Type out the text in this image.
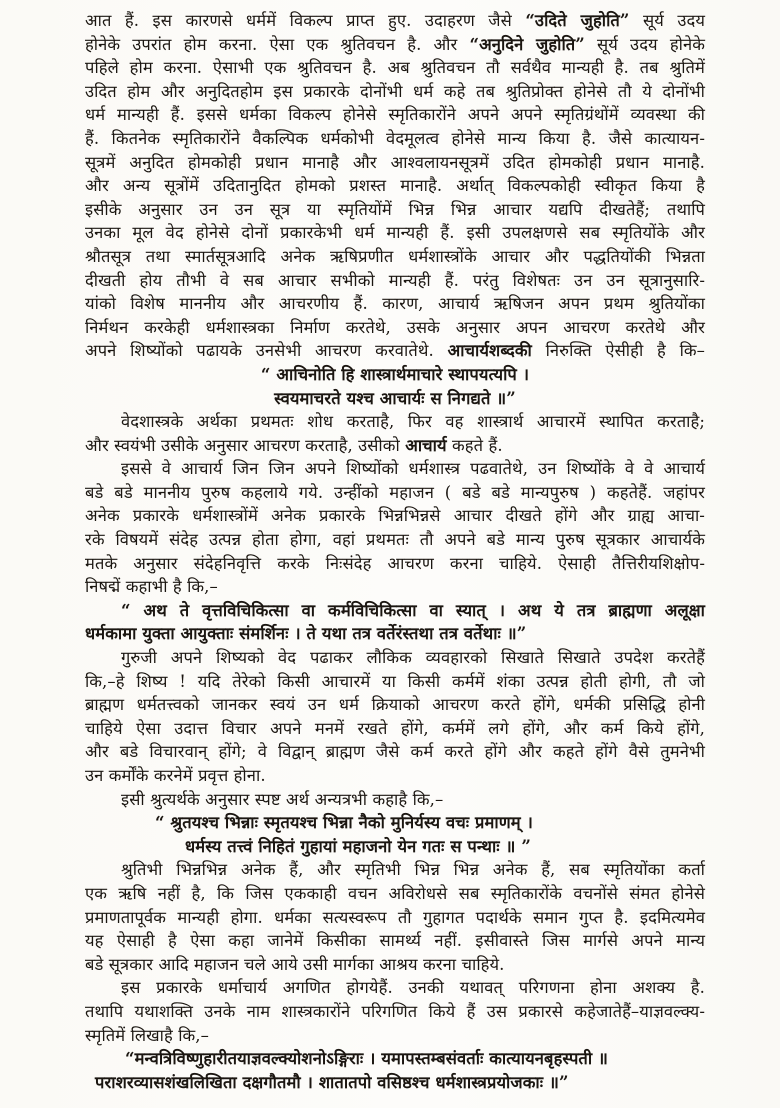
आत हैं. इस कारणसे धर्ममें विकल्प प्राप्त हुए. उदाहरण जैसे “उदिते जुहोति” सूर्य उदय
होनेके उपरांत होम करना. ऐसा एक श्रुतिवचन है. और “अनुदिने जुहोति” सूर्य उदय होनेके
पहिले होम करना. ऐसाभी एक श्रुतिवचन है. अब श्रुतिवचन तौ सर्वथैव मान्यही है. तब श्रुतिमें
उदित होम और अनुदितहोम इस प्रकारके दोनोंभी धर्म कहे तब श्रुतिप्रोक्त होनेसे तौ ये दोनोंभी
धर्म मान्यही हैं. इससे धर्मका विकल्प होनेसे स्मृतिकारोंने अपने अपने स्मृतिग्रंथोंमें व्यवस्था की
हैं. कितनेक स्मृतिकारोंने वैकल्पिक धर्मकोभी वेदमूलत्व होनेसे मान्य किया है. जैसे कात्यायन-
सूत्रमें अनुदित होमकोही प्रधान मानाहै और आश्वलायनसूत्रमें उदित होमकोही प्रधान मानाहै.
और अन्य सूत्रोंमें उदितानुदित होमको प्रशस्त मानाहै. अर्थात् विकल्पकोही स्वीकृत किया है
इसीके अनुसार उन उन सूत्र या स्मृतियोंमें भिन्न भिन्न आचार यद्यपि दीखतेहैं; तथापि
उनका मूल वेद होनेसे दोनों प्रकारकेभी धर्म मान्यही हैं. इसी उपलक्षणसे सब स्मृतियोंके और
श्रौतसूत्र तथा स्मार्तसूत्रआदि अनेक ऋषिप्रणीत धर्मशास्त्रोंके आचार और पद्धतियोंकी भिन्नता
दीखती होय तौभी वे सब आचार सभीको मान्यही हैं. परंतु विशेषतः उन उन सूत्रानुसारि-
यांको विशेष माननीय और आचरणीय हैं. कारण, आचार्य ऋषिजन अपन प्रथम श्रुतियोंका
निर्मथन करकेही धर्मशास्त्रका निर्माण करतेथे, उसके अनुसार अपन आचरण करतेथे और
अपने शिष्योंको पढायके उनसेभी आचरण करवातेथे. आचार्यशब्दकी निरुक्ति ऐसीही है कि–
“ आचिनोति हि शास्त्रार्थमाचारे स्थापयत्यपि ।
स्वयमाचरते यश्च आचार्यः स निगद्यते ॥”
वेदशास्त्रके अर्थका प्रथमतः शोध करताहै, फिर वह शास्त्रार्थ आचारमें स्थापित करताहै;
और स्वयंभी उसीके अनुसार आचरण करताहै, उसीको आचार्य कहते हैं.
इससे वे आचार्य जिन जिन अपने शिष्योंको धर्मशास्त्र पढवातेथे, उन शिष्योंके वे वे आचार्य
बडे बडे माननीय पुरुष कहलाये गये. उन्हींको महाजन ( बडे बडे मान्यपुरुष ) कहतेहैं. जहांपर
अनेक प्रकारके धर्मशास्त्रोंमें अनेक प्रकारके भिन्नभिन्नसे आचार दीखते होंगे और ग्राह्य आचा-
रके विषयमें संदेह उत्पन्न होता होगा, वहां प्रथमतः तौ अपने बडे मान्य पुरुष सूत्रकार आचार्यके
मतके अनुसार संदेहनिवृत्ति करके निःसंदेह आचरण करना चाहिये. ऐसाही तैत्तिरीयशिक्षोप-
निषद्में कहाभी है कि,–
“ अथ ते वृत्तविचिकित्सा वा कर्मविचिकित्सा वा स्यात् । अथ ये तत्र ब्राह्मणा अलूक्षा
धर्मकामा युक्ता आयुक्ताः संमर्शिनः । ते यथा तत्र वर्तेरंस्तथा तत्र वर्तेथाः ॥”
गुरुजी अपने शिष्यको वेद पढाकर लौकिक व्यवहारको सिखाते सिखाते उपदेश करतेहैं
कि,–हे शिष्य ! यदि तेरेको किसी आचारमें या किसी कर्ममें शंका उत्पन्न होती होगी, तौ जो
ब्राह्मण धर्मतत्त्वको जानकर स्वयं उन धर्म क्रियाको आचरण करते होंगे, धर्मकी प्रसिद्धि होनी
चाहिये ऐसा उदात्त विचार अपने मनमें रखते होंगे, कर्ममें लगे होंगे, और कर्म किये होंगे,
और बडे विचारवान् होंगे; वे विद्वान् ब्राह्मण जैसे कर्म करते होंगे और कहते होंगे वैसे तुमनेभी
उन कर्मोंके करनेमें प्रवृत्त होना.
इसी श्रुत्यर्थके अनुसार स्पष्ट अर्थ अन्यत्रभी कहाहै कि,–
“ श्रुतयश्च भिन्नाः स्मृतयश्च भिन्ना नैको मुनिर्यस्य वचः प्रमाणम् ।
धर्मस्य तत्त्वं निहितं गुहायां महाजनो येन गतः स पन्थाः ॥ ”
श्रुतिभी भिन्नभिन्न अनेक हैं, और स्मृतिभी भिन्न भिन्न अनेक हैं, सब स्मृतियोंका कर्ता
एक ऋषि नहीं है, कि जिस एककाही वचन अविरोधसे सब स्मृतिकारोंके वचनोंसे संमत होनेसे
प्रमाणतापूर्वक मान्यही होगा. धर्मका सत्यस्वरूप तौ गुहागत पदार्थके समान गुप्त है. इदमित्यमेव
यह ऐसाही है ऐसा कहा जानेमें किसीका सामर्थ्य नहीं. इसीवास्ते जिस मार्गसे अपने मान्य
बडे सूत्रकार आदि महाजन चले आये उसी मार्गका आश्रय करना चाहिये.
इस प्रकारके धर्माचार्य अगणित होगयेहैं. उनकी यथावत् परिगणना होना अशक्य है.
तथापि यथाशक्ति उनके नाम शास्त्रकारोंने परिगणित किये हैं उस प्रकारसे कहेजातेहैं–याज्ञवल्क्य-
स्मृतिमें लिखाहै कि,–
“मन्वत्रिविष्णुहारीतयाज्ञवल्क्योशनोऽङ्गिराः । यमापस्तम्बसंवर्ताः कात्यायनबृहस्पती ॥
पराशरव्यासशंखलिखिता दक्षगौतमौ । शातातपो वसिष्ठश्च धर्मशास्त्रप्रयोजकाः ॥”
